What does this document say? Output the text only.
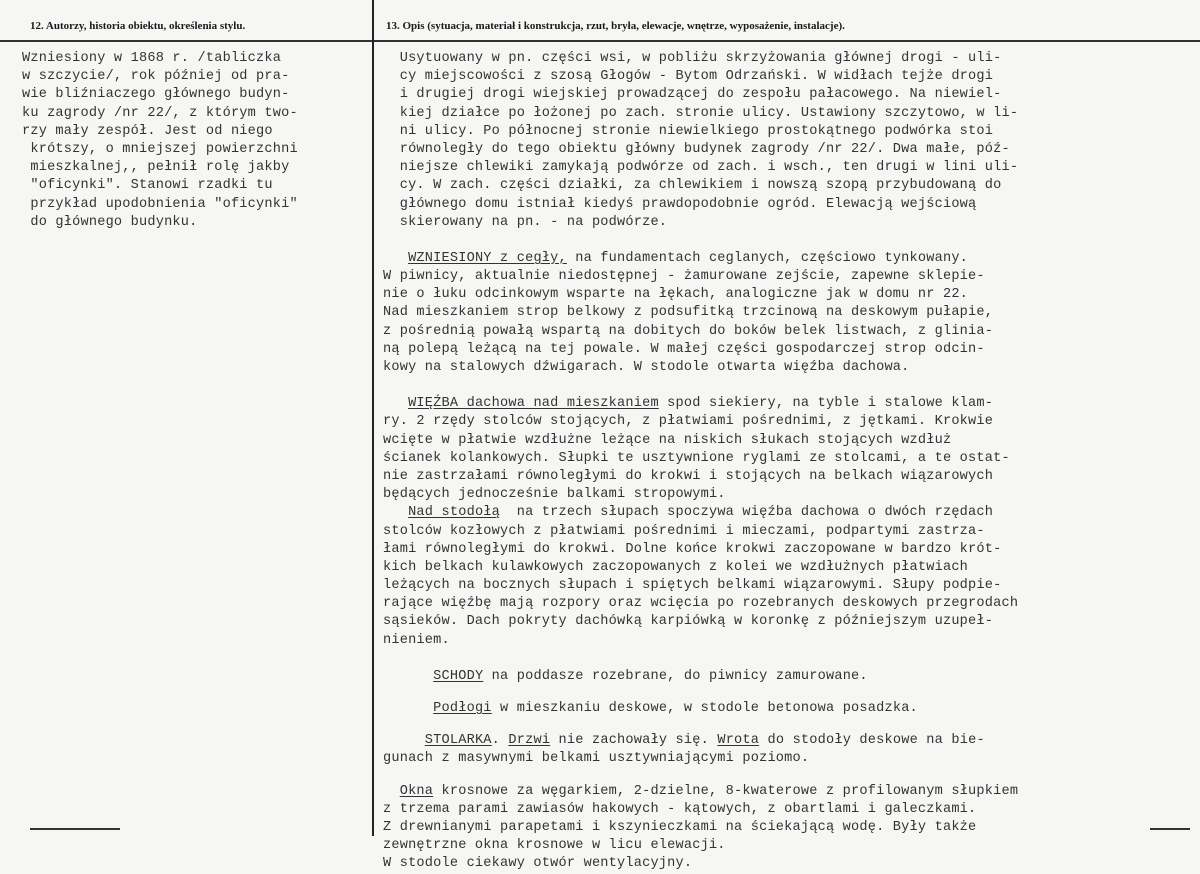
12. Autorzy, historia obiektu, określenia stylu.	13. Opis (sytuacja, materiał i konstrukcja, rzut, bryła, elewacje, wnętrze, wyposażenie, instalacje).
Wzniesiony w 1868 r. /tabliczka
w szczycie/, rok później od pra-
wie bliźniaczego głównego budyn-
ku zagrody /nr 22/, z którym two-
rzy mały zespół. Jest od niego
krótszy, o mniejszej powierzchni
mieszkalnej,, pełnił rolę jakby
"oficynki". Stanowi rzadki tu
przykład upodobnienia "oficynki"
do głównego budynku.
Usytuowany w pn. części wsi, w pobliżu skrzyżowania głównej drogi - uli-
cy miejscowości z szosą Głogów - Bytom Odrzański. W widłach tejże drogi
i drugiej drogi wiejskiej prowadzącej do zespołu pałacowego. Na niewiel-
kiej działce po łożonej po zach. stronie ulicy. Ustawiony szczytowo, w li-
ni ulicy. Po północnej stronie niewielkiego prostokątnego podwórka stoi
równoległy do tego obiektu główny budynek zagrody /nr 22/. Dwa małe, póź-
niejsze chlewiki zamykają podwórze od zach. i wsch., ten drugi w lini uli-
cy. W zach. części działki, za chlewikiem i nowszą szopą przybudowaną do
głównego domu istniał kiedyś prawdopodobnie ogród. Elewacją wejściową
skierowany na pn. - na podwórze.
WZNIESIONY z cegły, na fundamentach ceglanych, częściowo tynkowany.
W piwnicy, aktualnie niedostępnej - żamurowane zejście, zapewne sklepie-
nie o łuku odcinkowym wsparte na łękach, analogiczne jak w domu nr 22.
Nad mieszkaniem strop belkowy z podsufitką trzcinową na deskowym pułapie,
z pośrednią powałą wspartą na dobitych do boków belek listwach, z glinia-
ną polepą leżącą na tej powale. W małej części gospodarczej strop odcin-
kowy na stalowych dźwigarach. W stodole otwarta więźba dachowa.
WIĘŹBA dachowa nad mieszkaniem spod siekiery, na tyble i stalowe klam-
ry. 2 rzędy stolców stojących, z płatwiami pośrednimi, z jętkami. Krokwie
wcięte w płatwie wzdłużne leżące na niskich słukach stojących wzdłuż
ścianek kolankowych. Słupki te usztywnione ryglami ze stolcami, a te ostat-
nie zastrzałami równoległymi do krokwi i stojących na belkach wiązarowych
będących jednocześnie balkami stropowymi.
Nad stodołą  na trzech słupach spoczywa więźba dachowa o dwóch rzędach
stolców kozłowych z płatwiami pośrednimi i mieczami, podpartymi zastrza-
łami równoległymi do krokwi. Dolne końce krokwi zaczopowane w bardzo krót-
kich belkach kulawkowych zaczopowanych z kolei we wzdłużnych płatwiach
leżących na bocznych słupach i spiętych belkami wiązarowymi. Słupy podpie-
rające więźbę mają rozpory oraz wcięcia po rozebranych deskowych przegrodach
sąsieków. Dach pokryty dachówką karpiówką w koronkę z późniejszym uzupeł-
nieniem.
SCHODY na poddasze rozebrane, do piwnicy zamurowane.
Podłogi w mieszkaniu deskowe, w stodole betonowa posadzka.
STOLARKA. Drzwi nie zachowały się. Wrota do stodoły deskowe na bie-
gunach z masywnymi belkami usztywniającymi poziomo.
Okna krosnowe za węgarkiem, 2-dzielne, 8-kwaterowe z profilowanym słupkiem
z trzema parami zawiasów hakowych - kątowych, z obartlami i galeczkami.
Z drewnianymi parapetami i kszynieczkami na ściekającą wodę. Były także
zewnętrzne okna krosnowe w licu elewacji.
W stodole ciekawy otwór wentylacyjny.
